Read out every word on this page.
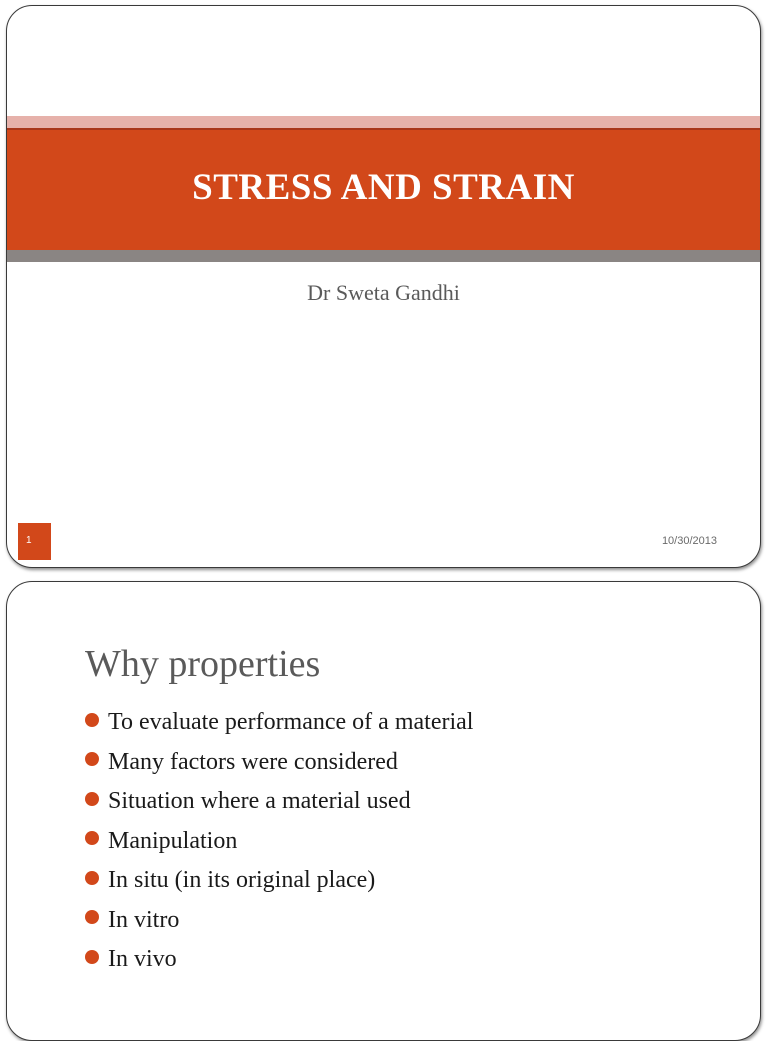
STRESS AND STRAIN
Dr Sweta Gandhi
1	10/30/2013
Why properties
To evaluate performance of a material
Many factors were considered
Situation where a material used
Manipulation
In situ (in its original place)
In vitro
In vivo
